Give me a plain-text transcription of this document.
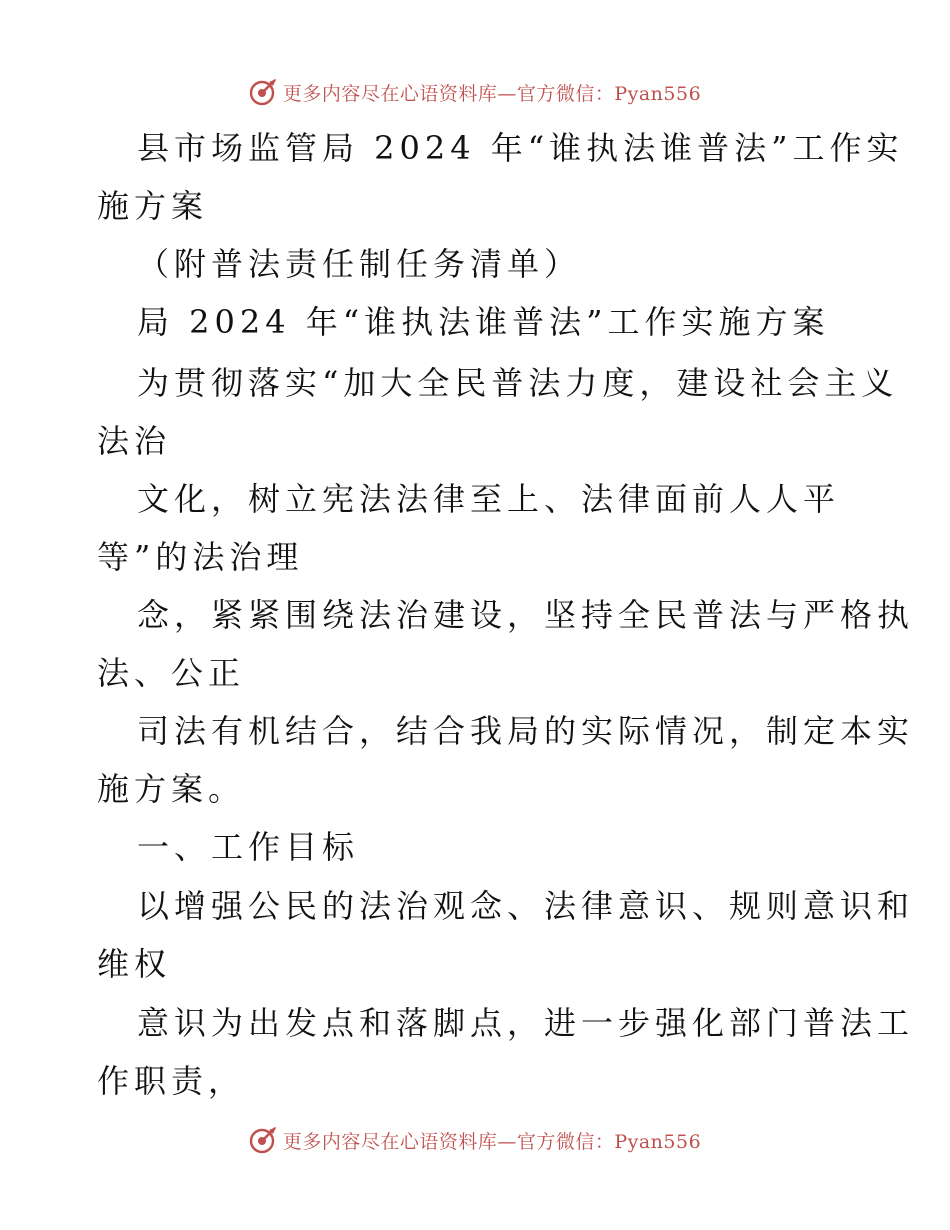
更多内容尽在心语资料库—官方微信：Pyan556

县市场监管局 2024 年“谁执法谁普法”工作实

施方案

（附普法责任制任务清单）

局 2024 年“谁执法谁普法”工作实施方案

为贯彻落实“加大全民普法力度，建设社会主义

法治

文化，树立宪法法律至上、法律面前人人平

等”的法治理

念，紧紧围绕法治建设，坚持全民普法与严格执

法、公正

司法有机结合，结合我局的实际情况，制定本实

施方案。

一、工作目标

以增强公民的法治观念、法律意识、规则意识和

维权

意识为出发点和落脚点，进一步强化部门普法工

作职责，

更多内容尽在心语资料库—官方微信：Pyan556
